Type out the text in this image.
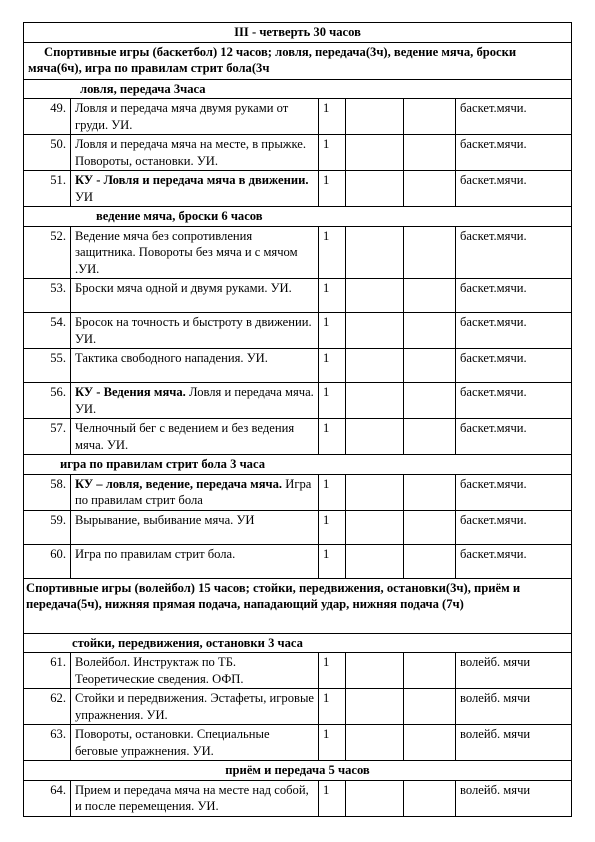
III - четверть 30 часов					
Спортивные игры (баскетбол) 12 часов; ловля, передача(3ч), ведение мяча, броски мяча(6ч), игра по правилам стрит бола(3ч					
ловля, передача 3часа					
49.	Ловля и передача мяча двумя руками от груди. УИ.	1			баскет.мячи.
50.	Ловля и передача мяча на месте, в прыжке. Повороты, остановки. УИ.	1			баскет.мячи.
51.	КУ - Ловля и передача мяча в движении. УИ	1			баскет.мячи.
ведение мяча, броски 6 часов					
52.	Ведение мяча без сопротивления защитника. Повороты без мяча и с мячом .УИ.	1			баскет.мячи.
53.	Броски мяча одной и двумя руками. УИ.	1			баскет.мячи.
54.	Бросок на точность и быстроту в движении. УИ.	1			баскет.мячи.
55.	Тактика свободного нападения. УИ.	1			баскет.мячи.
56.	КУ - Ведения мяча. Ловля и передача мяча. УИ.	1			баскет.мячи.
57.	Челночный бег с ведением и без ведения мяча. УИ.	1			баскет.мячи.
игра по правилам стрит бола 3 часа					
58.	КУ – ловля, ведение, передача мяча. Игра по правилам стрит бола	1			баскет.мячи.
59.	Вырывание, выбивание мяча. УИ	1			баскет.мячи.
60.	Игра по правилам стрит бола.	1			баскет.мячи.
Спортивные игры (волейбол) 15 часов; стойки, передвижения, остановки(3ч), приём и передача(5ч), нижняя прямая подача, нападающий удар, нижняя подача (7ч)					
стойки, передвижения, остановки 3 часа					
61.	Волейбол. Инструктаж по ТБ. Теоретические сведения. ОФП.	1			волейб. мячи
62.	Стойки и передвижения. Эстафеты, игровые упражнения. УИ.	1			волейб. мячи
63.	Повороты, остановки. Специальные беговые упражнения. УИ.	1			волейб. мячи
приём и передача 5 часов					
64.	Прием и передача мяча на месте над собой, и после перемещения. УИ.	1			волейб. мячи
